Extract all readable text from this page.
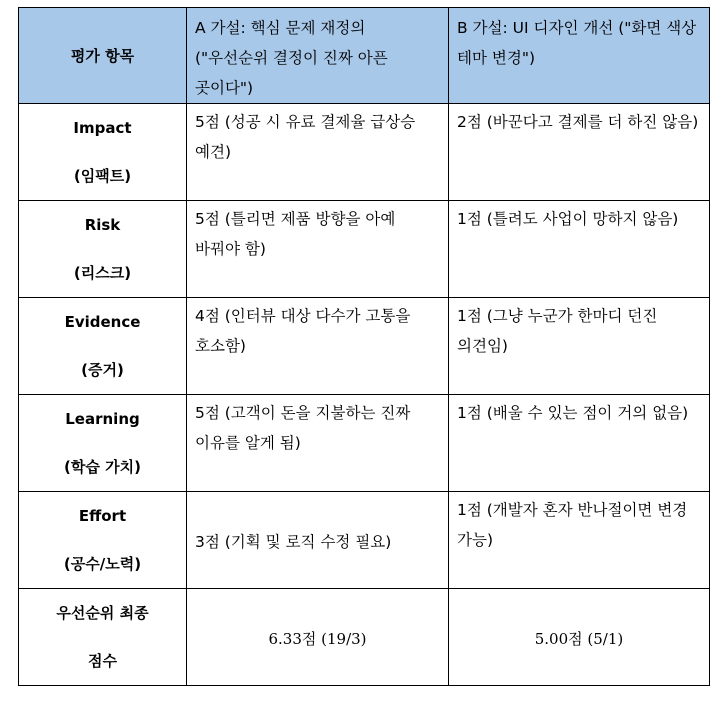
평가 항목	A 가설: 핵심 문제 재정의 ("우선순위 결정이 진짜 아픈 곳이다")	B 가설: UI 디자인 개선 ("화면 색상 테마 변경")

Impact
(임팩트)	5점 (성공 시 유료 결제율 급상승 예견)	2점 (바꾼다고 결제를 더 하진 않음)

Risk
(리스크)	5점 (틀리면 제품 방향을 아예 바꿔야 함)	1점 (틀려도 사업이 망하지 않음)

Evidence
(증거)	4점 (인터뷰 대상 다수가 고통을 호소함)	1점 (그냥 누군가 한마디 던진 의견임)

Learning
(학습 가치)	5점 (고객이 돈을 지불하는 진짜 이유를 알게 됨)	1점 (배울 수 있는 점이 거의 없음)

Effort
(공수/노력)	3점 (기획 및 로직 수정 필요)	1점 (개발자 혼자 반나절이면 변경 가능)

우선순위 최종
점수	6.33점 (19/3)	5.00점 (5/1)
